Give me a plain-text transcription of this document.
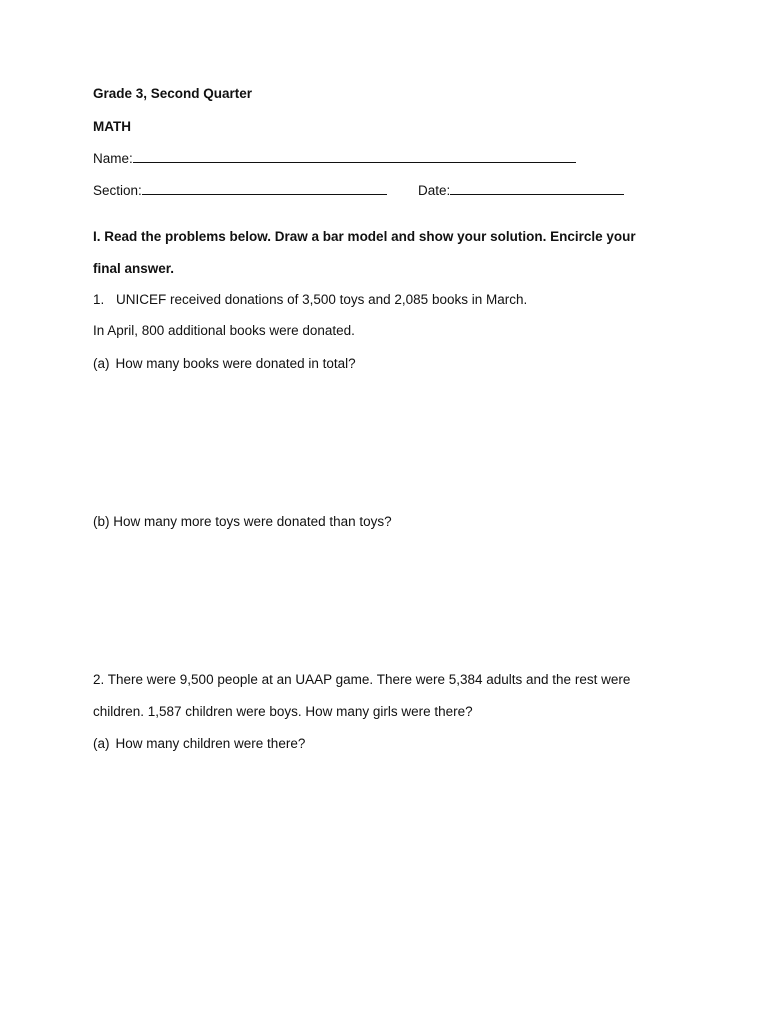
Grade 3, Second Quarter
MATH
Name:
Section:	Date:
I. Read the problems below. Draw a bar model and show your solution. Encircle your
final answer.
1. UNICEF received donations of 3,500 toys and 2,085 books in March.
In April, 800 additional books were donated.
(a) How many books were donated in total?
(b) How many more toys were donated than toys?
2. There were 9,500 people at an UAAP game. There were 5,384 adults and the rest were
children. 1,587 children were boys. How many girls were there?
(a) How many children were there?
